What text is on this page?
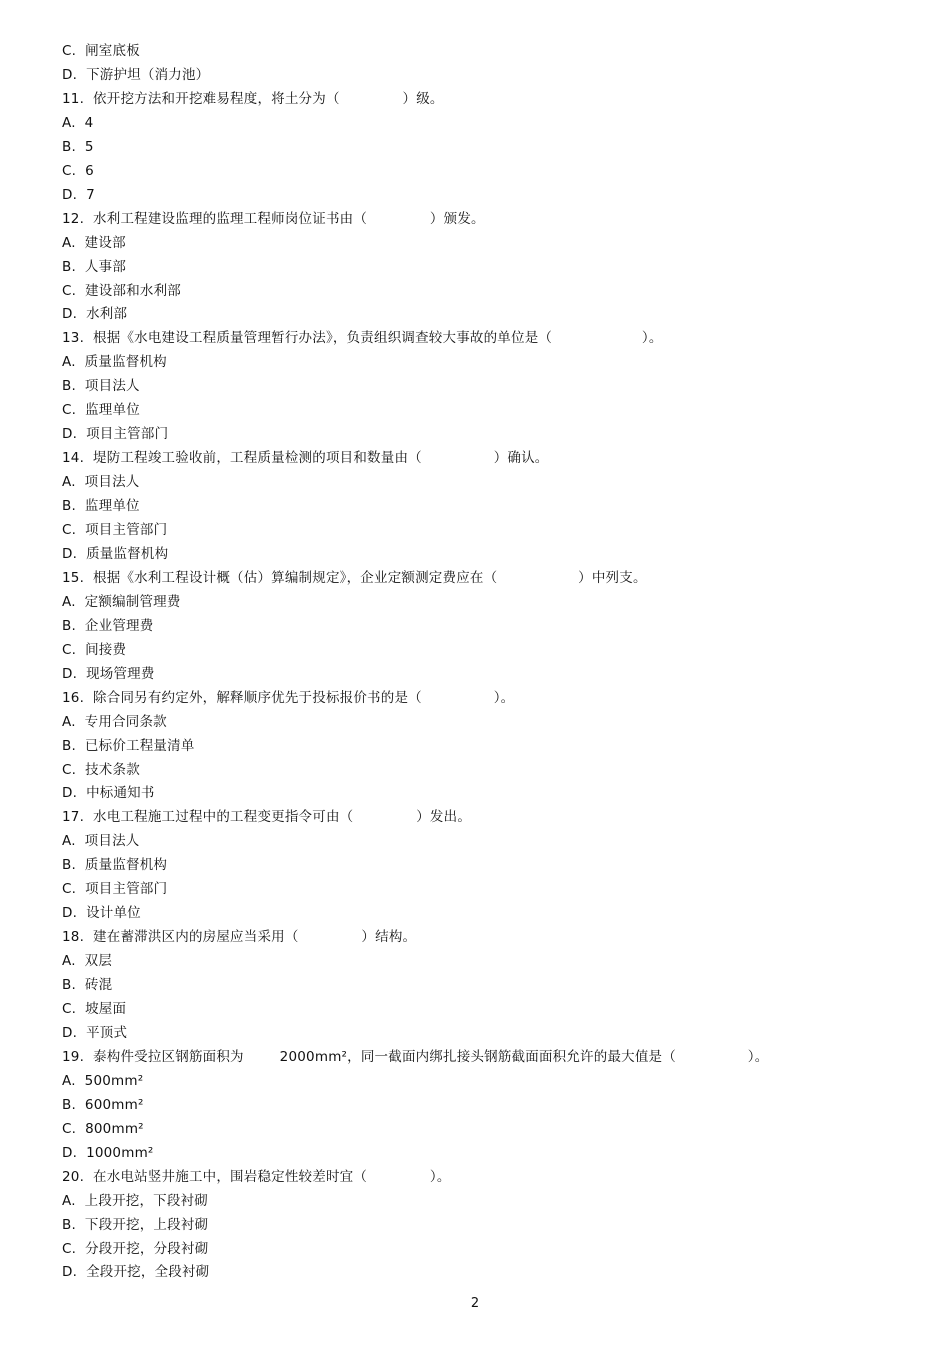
C.  闸室底板
D.  下游护坦（消力池）
11.  依开挖方法和开挖难易程度，将土分为（              ）级。
A.  4
B.  5
C.  6
D.  7
12.  水利工程建设监理的监理工程师岗位证书由（              ）颁发。
A.  建设部
B.  人事部
C.  建设部和水利部
D.  水利部
13.  根据《水电建设工程质量管理暂行办法》，负责组织调查较大事故的单位是（                    ）。
A.  质量监督机构
B.  项目法人
C.  监理单位
D.  项目主管部门
14.  堤防工程竣工验收前，工程质量检测的项目和数量由（                ）确认。
A.  项目法人
B.  监理单位
C.  项目主管部门
D.  质量监督机构
15.  根据《水利工程设计概（估）算编制规定》，企业定额测定费应在（                  ）中列支。
A.  定额编制管理费
B.  企业管理费
C.  间接费
D.  现场管理费
16.  除合同另有约定外，解释顺序优先于投标报价书的是（                ）。
A.  专用合同条款
B.  已标价工程量清单
C.  技术条款
D.  中标通知书
17.  水电工程施工过程中的工程变更指令可由（              ）发出。
A.  项目法人
B.  质量监督机构
C.  项目主管部门
D.  设计单位
18.  建在蓄滞洪区内的房屋应当采用（              ）结构。
A.  双层
B.  砖混
C.  坡屋面
D.  平顶式
19.  泰构件受拉区钢筋面积为        2000mm²，同一截面内绑扎接头钢筋截面面积允许的最大值是（                ）。
A.  500mm²
B.  600mm²
C.  800mm²
D.  1000mm²
20.  在水电站竖井施工中，围岩稳定性较差时宜（              ）。
A.  上段开挖，下段衬砌
B.  下段开挖，上段衬砌
C.  分段开挖，分段衬砌
D.  全段开挖，全段衬砌
2
